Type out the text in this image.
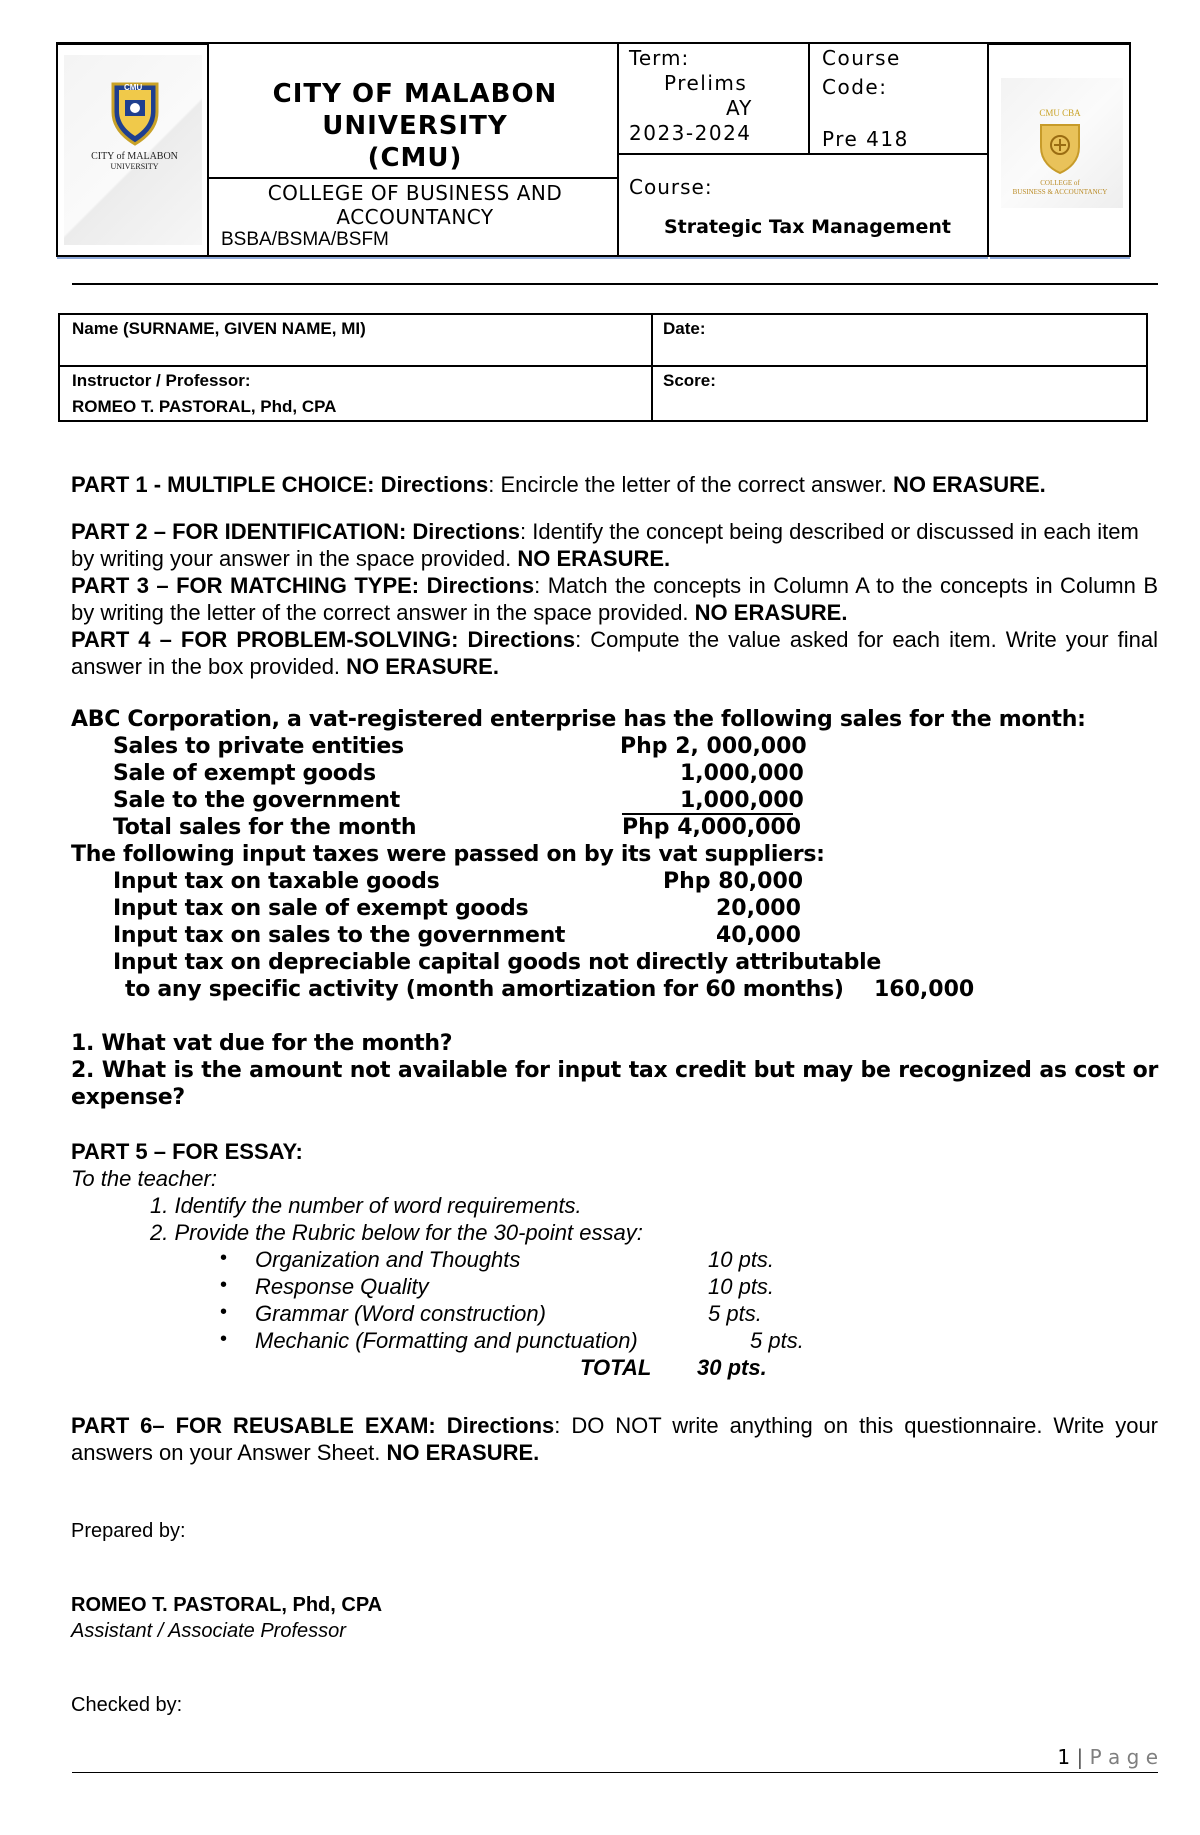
CMU
CITY of MALABON
UNIVERSITY
CITY OF MALABON
UNIVERSITY
(CMU)
COLLEGE OF BUSINESS AND
ACCOUNTANCY
BSBA/BSMA/BSFM
Term:
Prelims
AY
2023-2024
Course
Code:
Pre 418
Course:
Strategic Tax Management
CMU CBA
COLLEGE of
BUSINESS & ACCOUNTANCY
Name (SURNAME, GIVEN NAME, MI)	Date:
Instructor / Professor:
ROMEO T. PASTORAL, Phd, CPA
Score:

PART 1 - MULTIPLE CHOICE: Directions: Encircle the letter of the correct answer. NO ERASURE.

PART 2 – FOR IDENTIFICATION: Directions: Identify the concept being described or discussed in each item by writing your answer in the space provided. NO ERASURE.

PART 3 – FOR MATCHING TYPE: Directions: Match the concepts in Column A to the concepts in Column B by writing the letter of the correct answer in the space provided. NO ERASURE.

PART 4 – FOR PROBLEM-SOLVING: Directions: Compute the value asked for each item. Write your final answer in the box provided. NO ERASURE.

ABC Corporation, a vat-registered enterprise has the following sales for the month:
Sales to private entities	Php 2, 000,000
Sale of exempt goods	1,000,000
Sale to the government	1,000,000
Total sales for the month	Php 4,000,000
The following input taxes were passed on by its vat suppliers:
Input tax on taxable goods	Php 80,000
Input tax on sale of exempt goods	20,000
Input tax on sales to the government	40,000
Input tax on depreciable capital goods not directly attributable
to any specific activity (month amortization for 60 months) 160,000
1. What vat due for the month?
2. What is the amount not available for input tax credit but may be recognized as cost or
expense?
PART 5 – FOR ESSAY:
To the teacher:
1. Identify the number of word requirements.
2. Provide the Rubric below for the 30-point essay:
• Organization and Thoughts	10 pts.
• Response Quality	10 pts.
• Grammar (Word construction)	5 pts.
• Mechanic (Formatting and punctuation)	5 pts.
TOTAL 30 pts.
PART 6– FOR REUSABLE EXAM: Directions: DO NOT write anything on this questionnaire. Write your answers on your Answer Sheet. NO ERASURE.
Prepared by:
ROMEO T. PASTORAL, Phd, CPA
Assistant / Associate Professor
Checked by:
1 | P a g e
